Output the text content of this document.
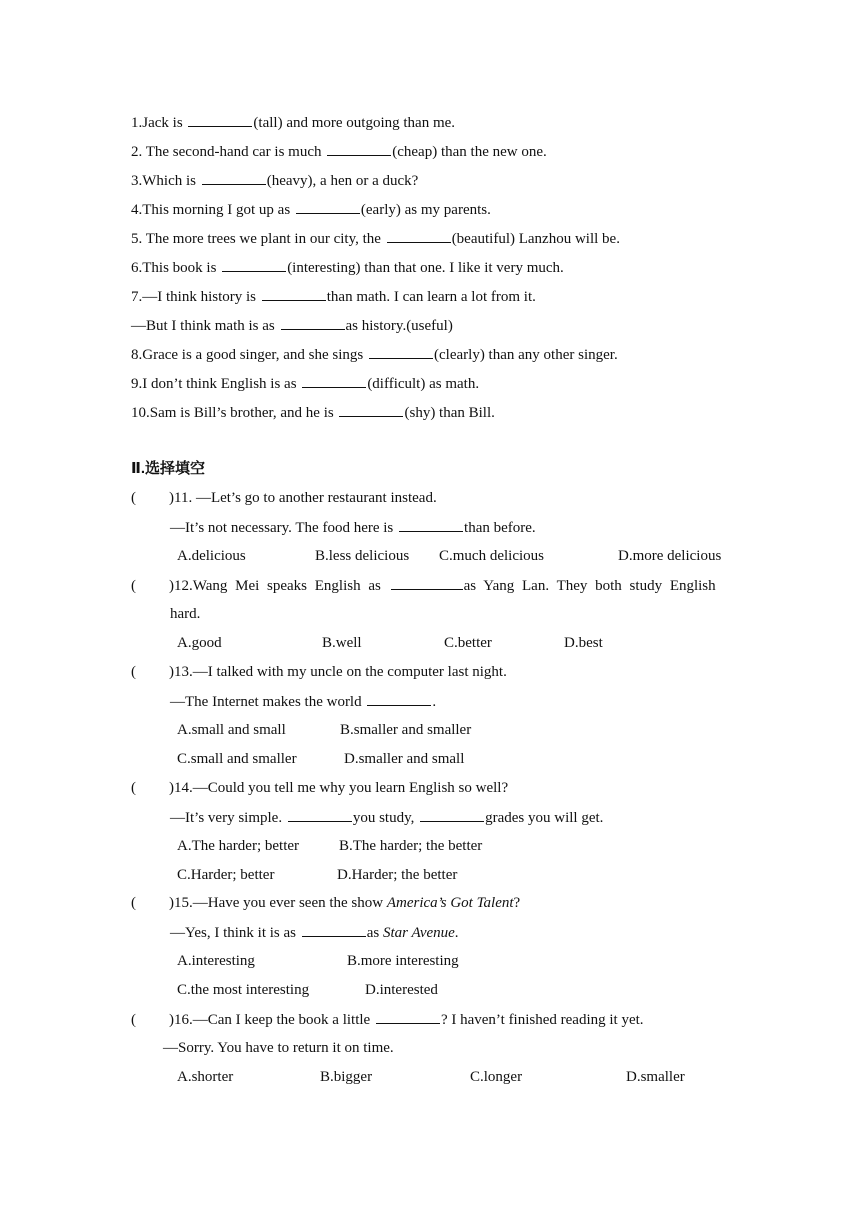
1.Jack is	(tall) and more outgoing than me.
2. The second-hand car is much	(cheap) than the new one.
3.Which is	(heavy), a hen or a duck?
4.This morning I got up as	(early) as my parents.
5. The more trees we plant in our city, the	(beautiful) Lanzhou will be.
6.This book is	(interesting) than that one. I like it very much.
7.—I think history is	than math. I can learn a lot from it.
—But I think math is as	as history.(useful)
8.Grace is a good singer, and she sings	(clearly) than any other singer.
9.I don’t think English is as	(difficult) as math.
10.Sam is Bill’s brother, and he is	(shy) than Bill.
Ⅱ.选择填空
( )11. —Let’s go to another restaurant instead.
—It’s not necessary. The food here is	than before.
A.delicious	B.less delicious C.much delicious	D.more delicious
( )12.Wang Mei speaks English as	as Yang Lan. They both study English
hard.
A.good	B.well	C.better	D.best
( )13.—I talked with my uncle on the computer last night.
—The Internet makes the world	.
A.small and small	B.smaller and smaller
C.small and smaller	D.smaller and small
( )14.—Could you tell me why you learn English so well?
—It’s very simple.	you study,	grades you will get.
A.The harder; better	B.The harder; the better
C.Harder; better	D.Harder; the better
( )15.—Have you ever seen the show America’s Got Talent?
—Yes, I think it is as	as Star Avenue.
A.interesting	B.more interesting
C.the most interesting	D.interested
( )16.—Can I keep the book a little	? I haven’t finished reading it yet.
—Sorry. You have to return it on time.
A.shorter	B.bigger	C.longer	D.smaller
